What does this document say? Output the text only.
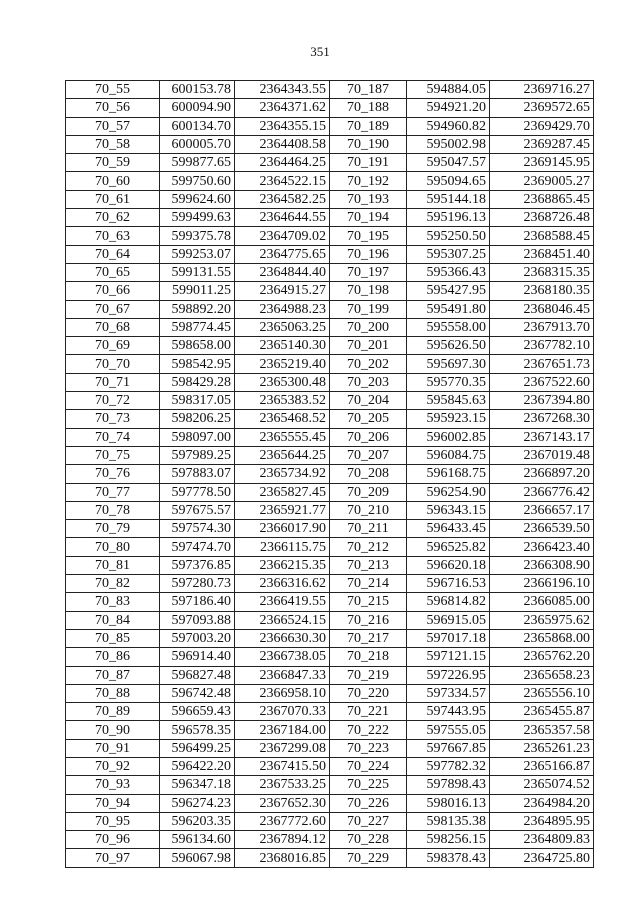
351
70_55	600153.78	2364343.55	70_187	594884.05	2369716.27
70_56	600094.90	2364371.62	70_188	594921.20	2369572.65
70_57	600134.70	2364355.15	70_189	594960.82	2369429.70
70_58	600005.70	2364408.58	70_190	595002.98	2369287.45
70_59	599877.65	2364464.25	70_191	595047.57	2369145.95
70_60	599750.60	2364522.15	70_192	595094.65	2369005.27
70_61	599624.60	2364582.25	70_193	595144.18	2368865.45
70_62	599499.63	2364644.55	70_194	595196.13	2368726.48
70_63	599375.78	2364709.02	70_195	595250.50	2368588.45
70_64	599253.07	2364775.65	70_196	595307.25	2368451.40
70_65	599131.55	2364844.40	70_197	595366.43	2368315.35
70_66	599011.25	2364915.27	70_198	595427.95	2368180.35
70_67	598892.20	2364988.23	70_199	595491.80	2368046.45
70_68	598774.45	2365063.25	70_200	595558.00	2367913.70
70_69	598658.00	2365140.30	70_201	595626.50	2367782.10
70_70	598542.95	2365219.40	70_202	595697.30	2367651.73
70_71	598429.28	2365300.48	70_203	595770.35	2367522.60
70_72	598317.05	2365383.52	70_204	595845.63	2367394.80
70_73	598206.25	2365468.52	70_205	595923.15	2367268.30
70_74	598097.00	2365555.45	70_206	596002.85	2367143.17
70_75	597989.25	2365644.25	70_207	596084.75	2367019.48
70_76	597883.07	2365734.92	70_208	596168.75	2366897.20
70_77	597778.50	2365827.45	70_209	596254.90	2366776.42
70_78	597675.57	2365921.77	70_210	596343.15	2366657.17
70_79	597574.30	2366017.90	70_211	596433.45	2366539.50
70_80	597474.70	2366115.75	70_212	596525.82	2366423.40
70_81	597376.85	2366215.35	70_213	596620.18	2366308.90
70_82	597280.73	2366316.62	70_214	596716.53	2366196.10
70_83	597186.40	2366419.55	70_215	596814.82	2366085.00
70_84	597093.88	2366524.15	70_216	596915.05	2365975.62
70_85	597003.20	2366630.30	70_217	597017.18	2365868.00
70_86	596914.40	2366738.05	70_218	597121.15	2365762.20
70_87	596827.48	2366847.33	70_219	597226.95	2365658.23
70_88	596742.48	2366958.10	70_220	597334.57	2365556.10
70_89	596659.43	2367070.33	70_221	597443.95	2365455.87
70_90	596578.35	2367184.00	70_222	597555.05	2365357.58
70_91	596499.25	2367299.08	70_223	597667.85	2365261.23
70_92	596422.20	2367415.50	70_224	597782.32	2365166.87
70_93	596347.18	2367533.25	70_225	597898.43	2365074.52
70_94	596274.23	2367652.30	70_226	598016.13	2364984.20
70_95	596203.35	2367772.60	70_227	598135.38	2364895.95
70_96	596134.60	2367894.12	70_228	598256.15	2364809.83
70_97	596067.98	2368016.85	70_229	598378.43	2364725.80
